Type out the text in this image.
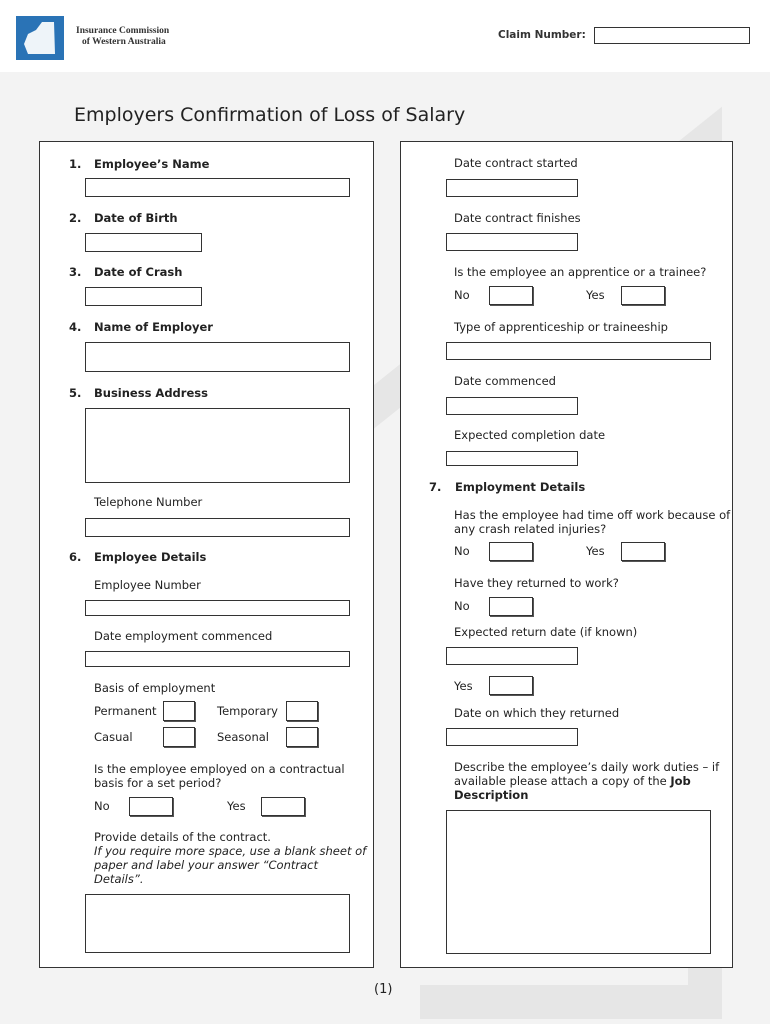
Insurance Commission
of Western Australia
Claim Number:
Employers Confirmation of Loss of Salary
1. Employee’s Name
2. Date of Birth
3. Date of Crash
4. Name of Employer
5. Business Address
Telephone Number
6. Employee Details
Employee Number
Date employment commenced
Basis of employment
Permanent	Temporary
Casual	Seasonal
Is the employee employed on a contractual basis for a set period?
No	Yes
Provide details of the contract.
If you require more space, use a blank sheet of paper and label your answer “Contract Details”.
Date contract started
Date contract finishes
Is the employee an apprentice or a trainee?
No	Yes
Type of apprenticeship or traineeship
Date commenced
Expected completion date
7. Employment Details
Has the employee had time off work because of any crash related injuries?
No	Yes
Have they returned to work?
No
Expected return date (if known)
Yes
Date on which they returned
Describe the employee’s daily work duties – if available please attach a copy of the Job Description
(1)
